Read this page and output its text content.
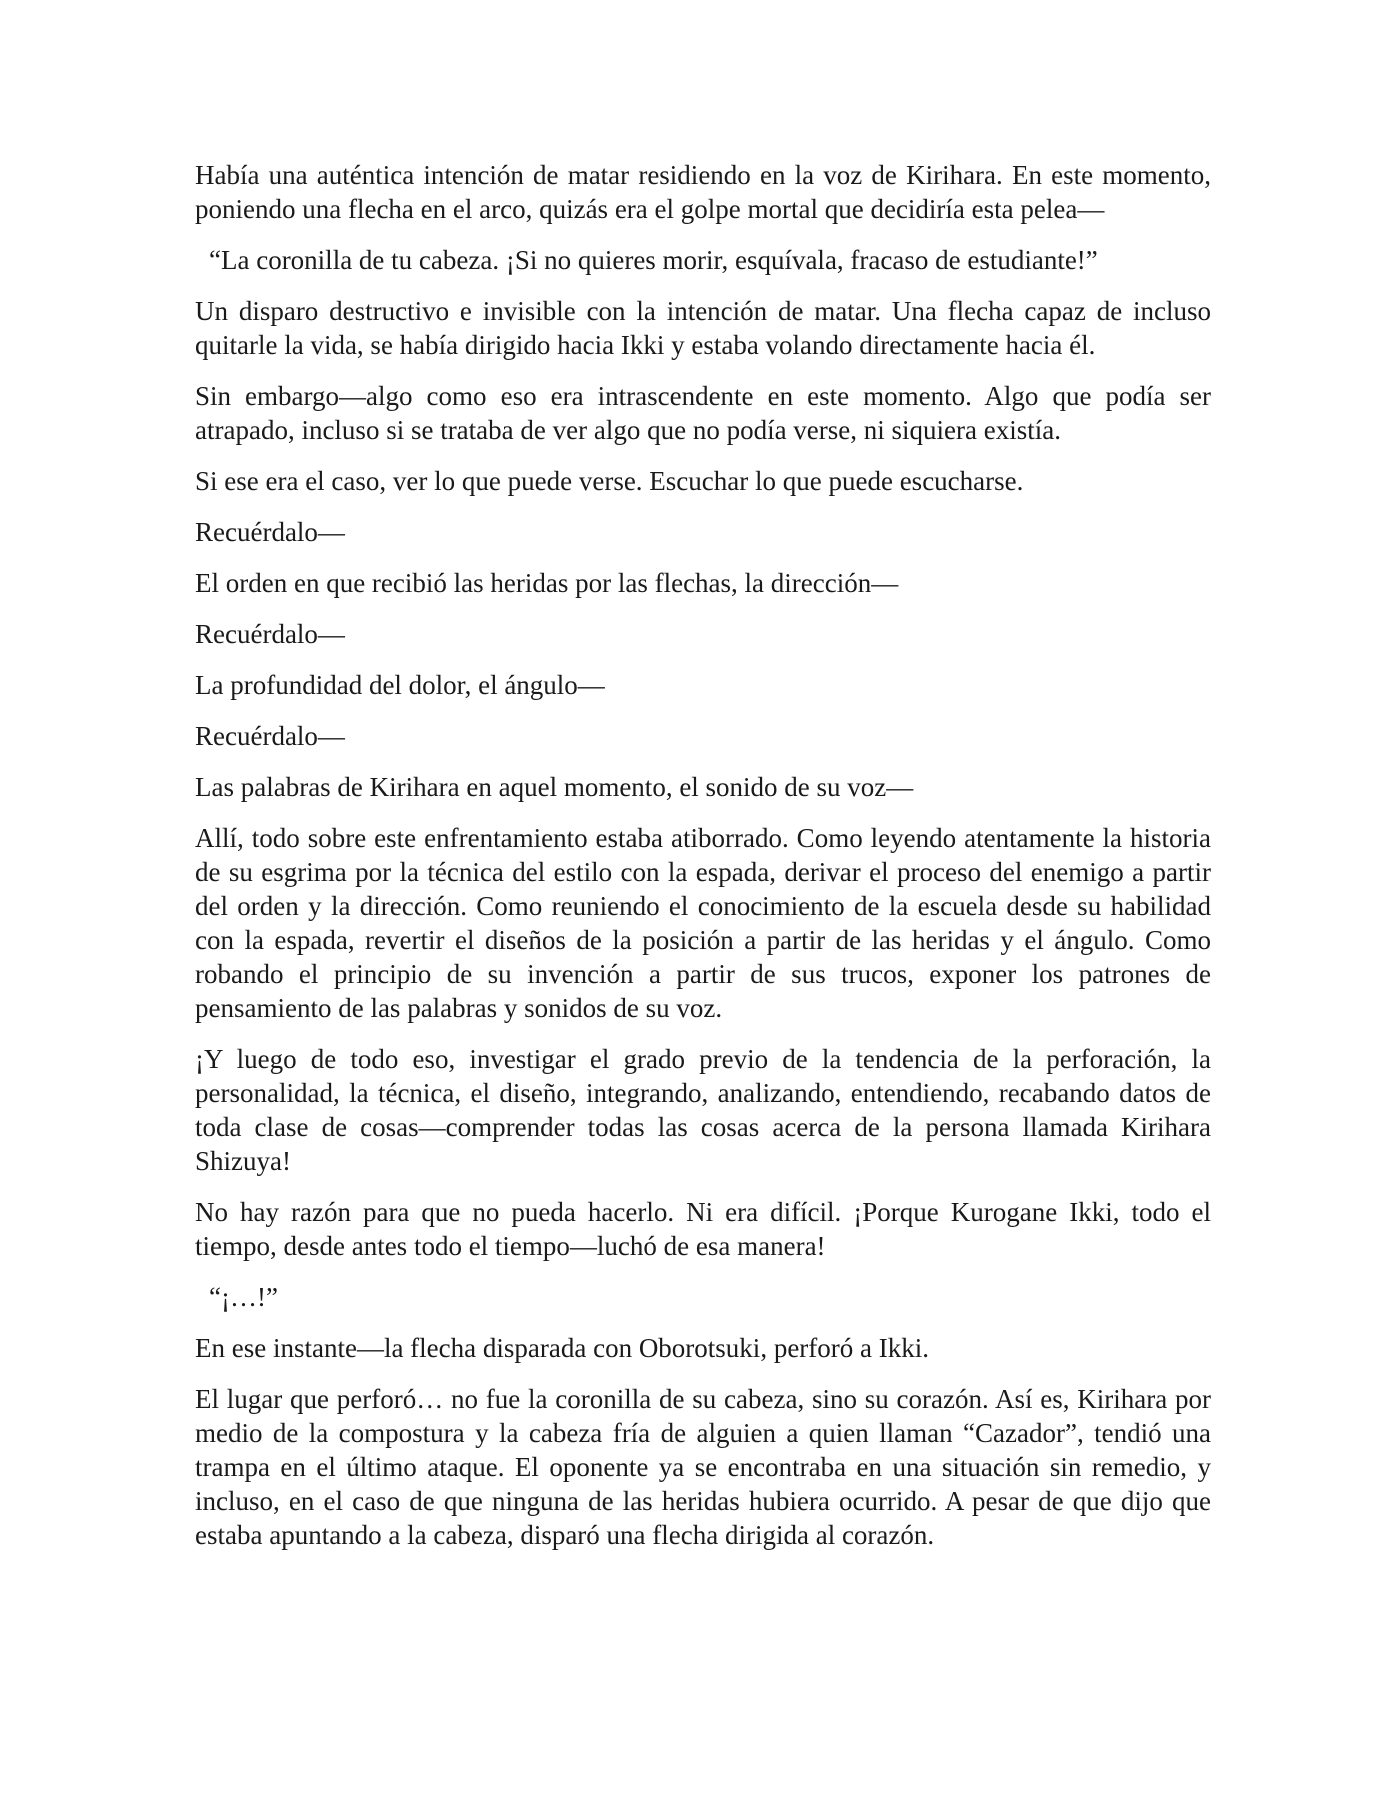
Había una auténtica intención de matar residiendo en la voz de Kirihara. En este momento, poniendo una flecha en el arco, quizás era el golpe mortal que decidiría esta pelea—

“La coronilla de tu cabeza. ¡Si no quieres morir, esquívala, fracaso de estudiante!”

Un disparo destructivo e invisible con la intención de matar. Una flecha capaz de incluso quitarle la vida, se había dirigido hacia Ikki y estaba volando directamente hacia él.

Sin embargo—algo como eso era intrascendente en este momento. Algo que podía ser atrapado, incluso si se trataba de ver algo que no podía verse, ni siquiera existía.

Si ese era el caso, ver lo que puede verse. Escuchar lo que puede escucharse.

Recuérdalo—

El orden en que recibió las heridas por las flechas, la dirección—

Recuérdalo—

La profundidad del dolor, el ángulo—

Recuérdalo—

Las palabras de Kirihara en aquel momento, el sonido de su voz—

Allí, todo sobre este enfrentamiento estaba atiborrado. Como leyendo atentamente la historia de su esgrima por la técnica del estilo con la espada, derivar el proceso del enemigo a partir del orden y la dirección. Como reuniendo el conocimiento de la escuela desde su habilidad con la espada, revertir el diseños de la posición a partir de las heridas y el ángulo. Como robando el principio de su invención a partir de sus trucos, exponer los patrones de pensamiento de las palabras y sonidos de su voz.

¡Y luego de todo eso, investigar el grado previo de la tendencia de la perforación, la personalidad, la técnica, el diseño, integrando, analizando, entendiendo, recabando datos de toda clase de cosas—comprender todas las cosas acerca de la persona llamada Kirihara Shizuya!

No hay razón para que no pueda hacerlo. Ni era difícil. ¡Porque Kurogane Ikki, todo el tiempo, desde antes todo el tiempo—luchó de esa manera!

“¡…!”

En ese instante—la flecha disparada con Oborotsuki, perforó a Ikki.

El lugar que perforó… no fue la coronilla de su cabeza, sino su corazón. Así es, Kirihara por medio de la compostura y la cabeza fría de alguien a quien llaman “Cazador”, tendió una trampa en el último ataque. El oponente ya se encontraba en una situación sin remedio, y incluso, en el caso de que ninguna de las heridas hubiera ocurrido. A pesar de que dijo que estaba apuntando a la cabeza, disparó una flecha dirigida al corazón.
